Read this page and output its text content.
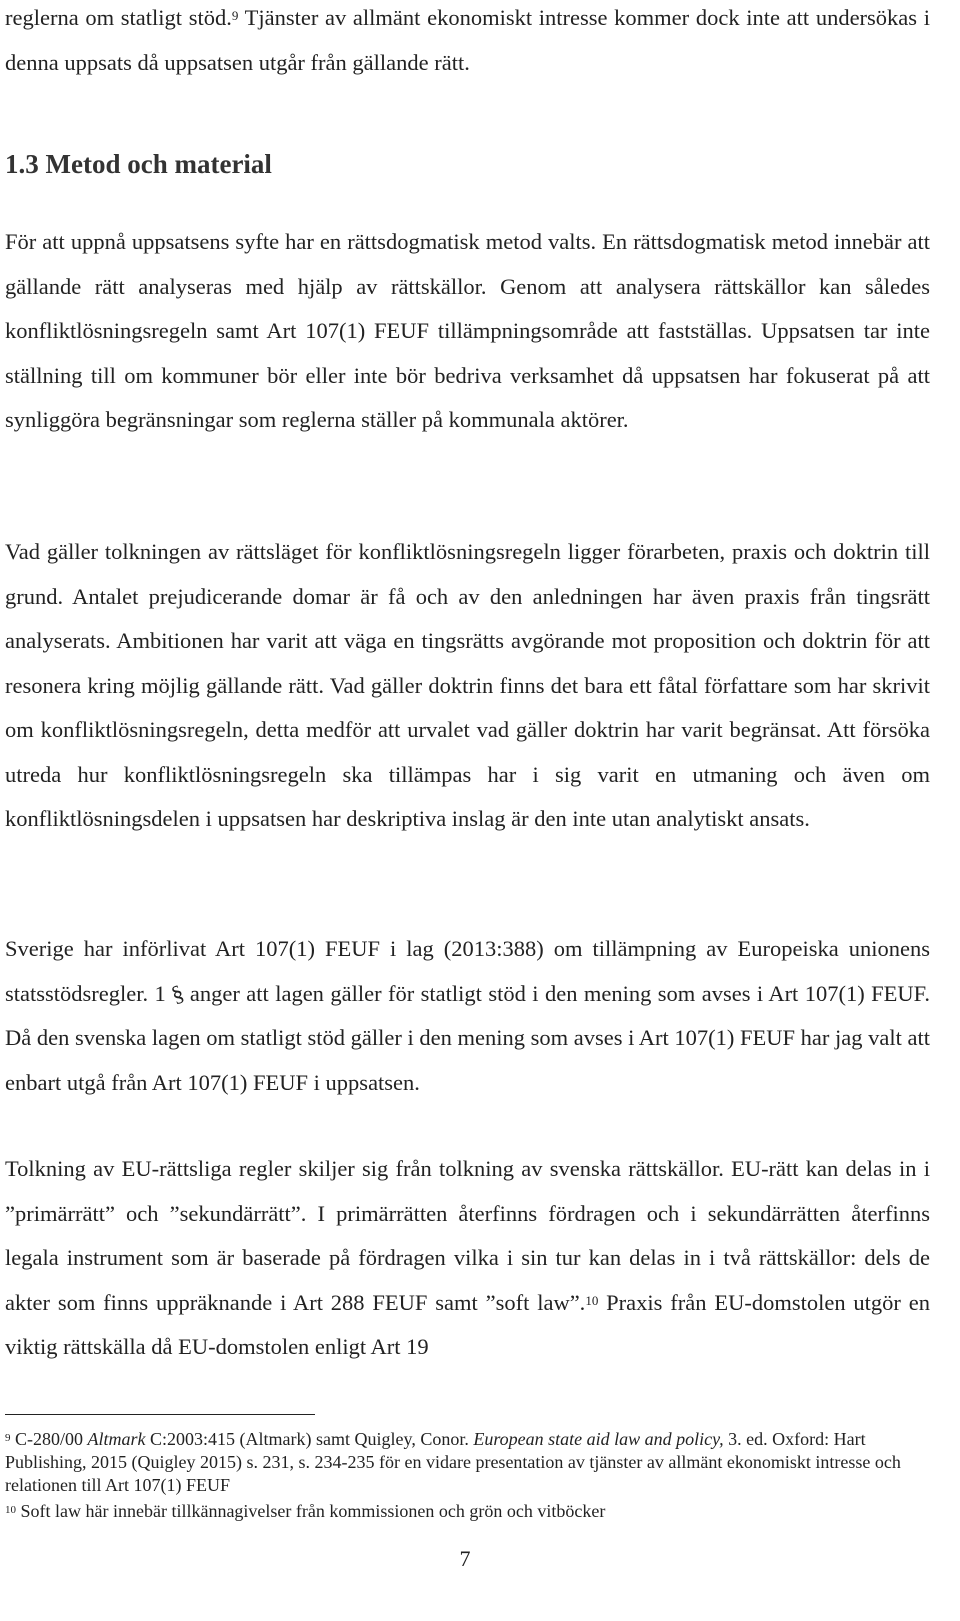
reglerna om statligt stöd.$^9$ Tjänster av allmänt ekonomiskt intresse kommer dock inte att undersökas i denna uppsats då uppsatsen utgår från gällande rätt.

1.3 Metod och material

För att uppnå uppsatsens syfte har en rättsdogmatisk metod valts. En rättsdogmatisk metod innebär att gällande rätt analyseras med hjälp av rättskällor. Genom att analysera rättskällor kan således konfliktlösningsregeln samt Art 107(1) FEUF tillämpningsområde att fastställas. Uppsatsen tar inte ställning till om kommuner bör eller inte bör bedriva verksamhet då uppsatsen har fokuserat på att synliggöra begränsningar som reglerna ställer på kommunala aktörer.

Vad gäller tolkningen av rättsläget för konfliktlösningsregeln ligger förarbeten, praxis och doktrin till grund. Antalet prejudicerande domar är få och av den anledningen har även praxis från tingsrätt analyserats. Ambitionen har varit att väga en tingsrätts avgörande mot proposition och doktrin för att resonera kring möjlig gällande rätt. Vad gäller doktrin finns det bara ett fåtal författare som har skrivit om konfliktlösningsregeln, detta medför att urvalet vad gäller doktrin har varit begränsat. Att försöka utreda hur konfliktlösningsregeln ska tillämpas har i sig varit en utmaning och även om konfliktlösningsdelen i uppsatsen har deskriptiva inslag är den inte utan analytiskt ansats.

Sverige har införlivat Art 107(1) FEUF i lag (2013:388) om tillämpning av Europeiska unionens statsstödsregler. 1 § anger att lagen gäller för statligt stöd i den mening som avses i Art 107(1) FEUF. Då den svenska lagen om statligt stöd gäller i den mening som avses i Art 107(1) FEUF har jag valt att enbart utgå från Art 107(1) FEUF i uppsatsen.

Tolkning av EU-rättsliga regler skiljer sig från tolkning av svenska rättskällor. EU-rätt kan delas in i ”primärrätt” och ”sekundärrätt”. I primärrätten återfinns fördragen och i sekundärrätten återfinns legala instrument som är baserade på fördragen vilka i sin tur kan delas in i två rättskällor: dels de akter som finns uppräknande i Art 288 FEUF samt ”soft law”.$^{10}$ Praxis från EU-domstolen utgör en viktig rättskälla då EU-domstolen enligt Art 19

$^9$ C-280/00 Altmark C:2003:415 (Altmark) samt Quigley, Conor. European state aid law and policy, 3. ed. Oxford: Hart Publishing, 2015 (Quigley 2015) s. 231, s. 234-235 för en vidare presentation av tjänster av allmänt ekonomiskt intresse och relationen till Art 107(1) FEUF

$^{10}$ Soft law här innebär tillkännagivelser från kommissionen och grön och vitböcker

7
